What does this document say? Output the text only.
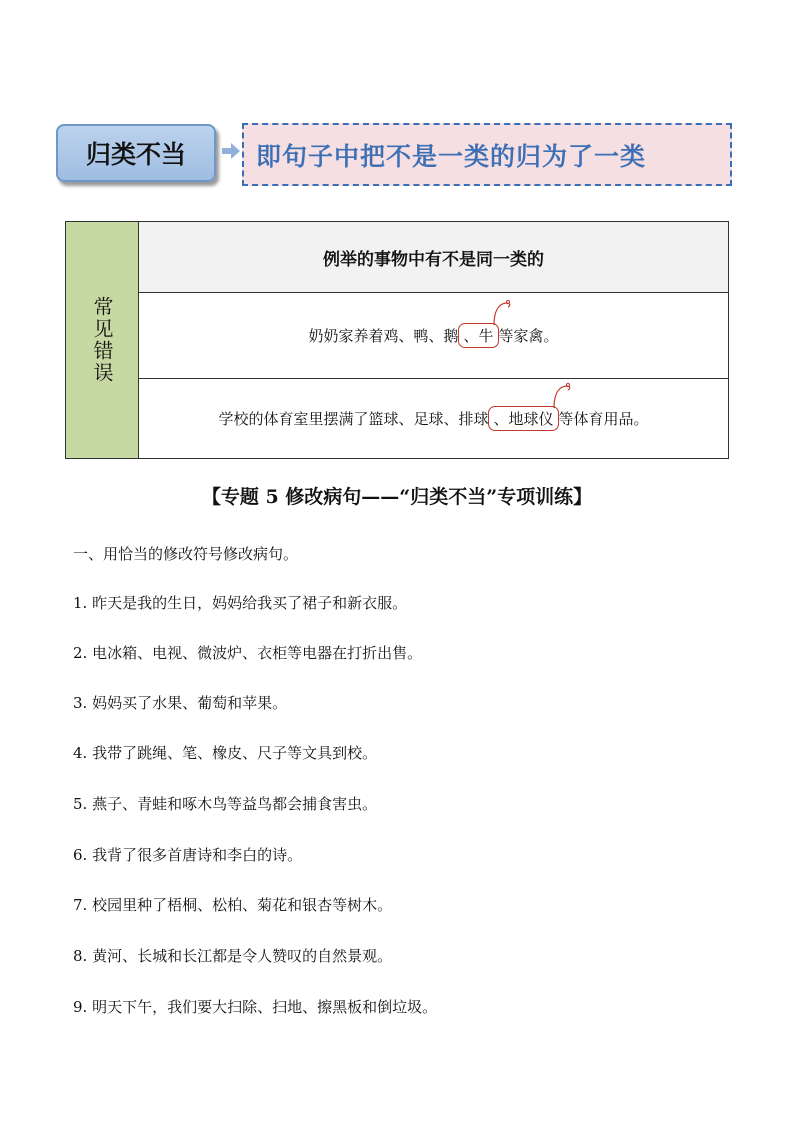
归类不当	即句子中把不是一类的归为了一类
常见错误
例举的事物中有不是同一类的
奶奶家养着鸡、鸭、鹅 、牛 等家禽。
学校的体育室里摆满了篮球、足球、排球 、地球仪 等体育用品。
【专题 5 修改病句——“归类不当”专项训练】
一、用恰当的修改符号修改病句。
1. 昨天是我的生日，妈妈给我买了裙子和新衣服。
2. 电冰箱、电视、微波炉、衣柜等电器在打折出售。
3. 妈妈买了水果、葡萄和苹果。
4. 我带了跳绳、笔、橡皮、尺子等文具到校。
5. 燕子、青蛙和啄木鸟等益鸟都会捕食害虫。
6. 我背了很多首唐诗和李白的诗。
7. 校园里种了梧桐、松柏、菊花和银杏等树木。
8. 黄河、长城和长江都是令人赞叹的自然景观。
9. 明天下午，我们要大扫除、扫地、擦黑板和倒垃圾。
